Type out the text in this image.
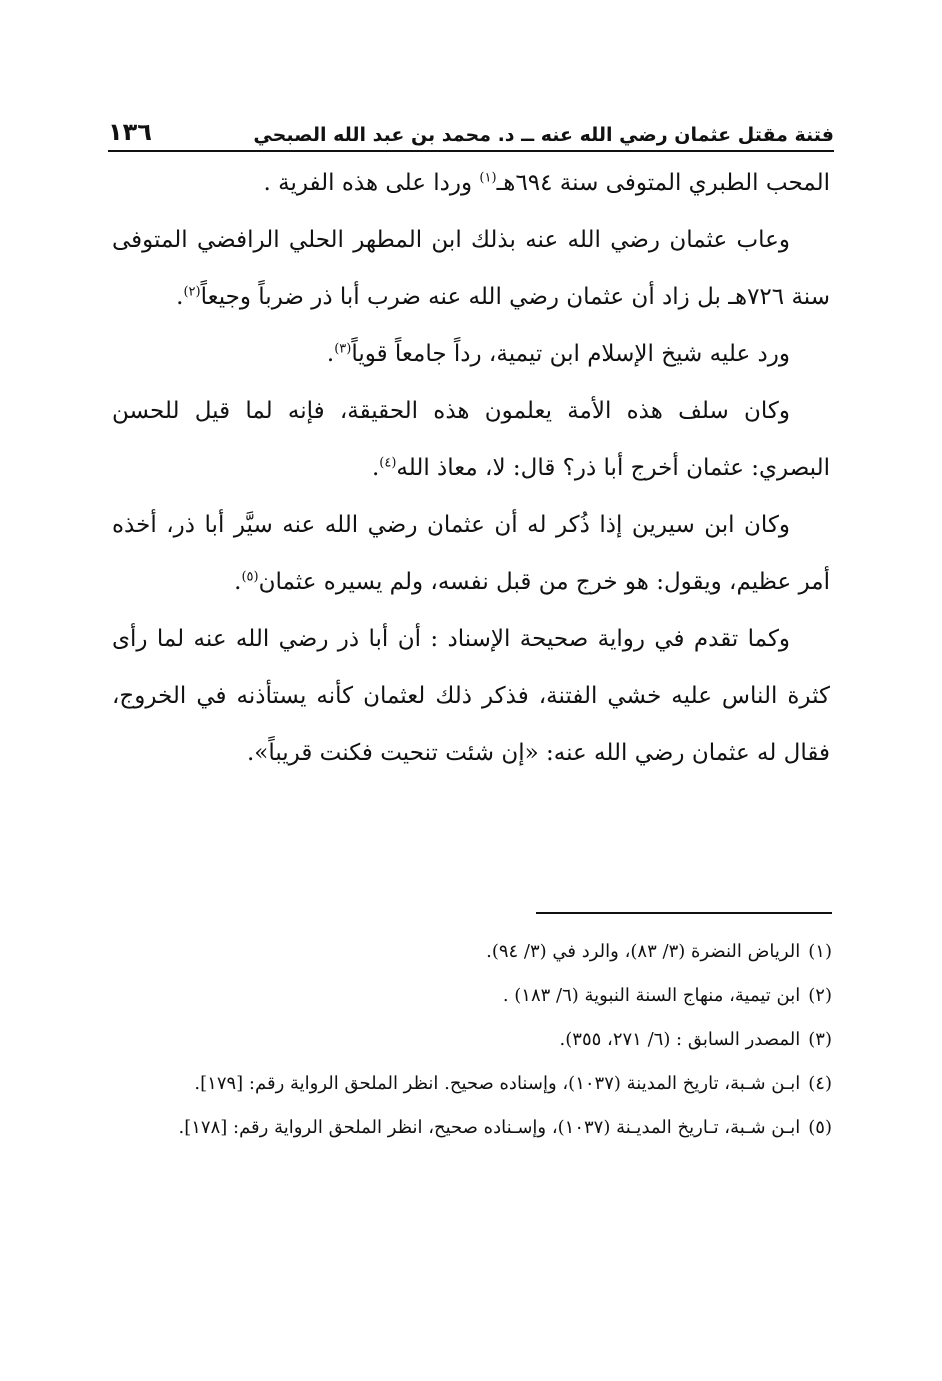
فتنة مقتل عثمان رضي الله عنه ــ د. محمد بن عبد الله الصبحي
١٣٦

المحب الطبري المتوفى سنة ٦٩٤هـ$^{(١)}$ وردا على هذه الفرية .

وعاب عثمان رضي الله عنه بذلك ابن المطهر الحلي الرافضي المتوفى سنة ٧٢٦هـ بل زاد أن عثمان رضي الله عنه ضرب أبا ذر ضرباً وجيعاً$^{(٢)}$.

ورد عليه شيخ الإسلام ابن تيمية، رداً جامعاً قوياً$^{(٣)}$.

وكان سلف هذه الأمة يعلمون هذه الحقيقة، فإنه لما قيل للحسن البصري: عثمان أخرج أبا ذر؟ قال: لا، معاذ الله$^{(٤)}$.

وكان ابن سيرين إذا ذُكر له أن عثمان رضي الله عنه سيَّر أبا ذر، أخذه أمر عظيم، ويقول: هو خرج من قبل نفسه، ولم يسيره عثمان$^{(٥)}$.

وكما تقدم في رواية صحيحة الإسناد : أن أبا ذر رضي الله عنه لما رأى كثرة الناس عليه خشي الفتنة، فذكر ذلك لعثمان كأنه يستأذنه في الخروج، فقال له عثمان رضي الله عنه: «إن شئت تنحيت فكنت قريباً».

(١)الرياض النضرة (٣/ ٨٣)، والرد في (٣/ ٩٤).

(٢)ابن تيمية، منهاج السنة النبوية (٦/ ١٨٣) .

(٣)المصدر السابق : (٦/ ٢٧١، ٣٥٥).

(٤)ابـن شـبة، تاريخ المدينة (١٠٣٧)، وإسناده صحيح. انظر الملحق الرواية رقم: [١٧٩].

(٥)ابـن شـبة، تـاريخ المديـنة (١٠٣٧)، وإسـناده صحيح، انظر الملحق الرواية رقم: [١٧٨].
